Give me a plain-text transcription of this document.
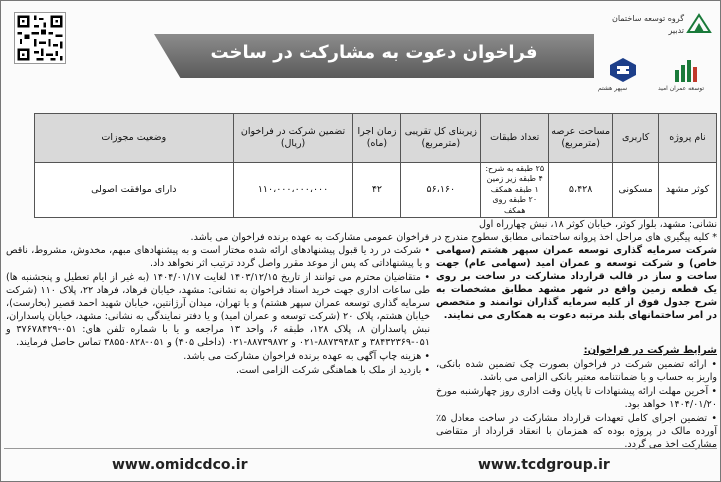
فراخوان دعوت به مشارکت در ساخت
گروه توسعه ساختمان
تدبیر
سپهر هشتم	توسعه عمران امید
نام پروژه	کاربری	مساحت عرصه (مترمربع)	تعداد طبقات	زیربنای کل تقریبی (مترمربع)	زمان اجرا (ماه)	تضمین شرکت در فراخوان (ریال)	وضعیت مجوزات
کوثر مشهد	مسکونی	۵،۴۲۸	۲۵ طبقه به شرح:
۴ طبقه زیر زمین
۱ طبقه همکف
۲۰ طبقه روی همکف	۵۶،۱۶۰	۴۲	۱۱۰،۰۰۰،۰۰۰،۰۰۰	دارای موافقت اصولی
نشانی: مشهد، بلوار کوثر، خیابان کوثر ۱۸، نبش چهارراه اول
* کلیه پیگیری های مراحل اخذ پروانه ساختمانی مطابق سطوح مندرج در فراخوان عمومی مشارکت به عهده برنده فراخوان می باشد.
شرکت سرمایه گذاری توسعه عمران سپهر هشتم (سهامی خاص) و شرکت توسعه و عمران امید (سهامی عام) جهت ساخت و ساز در قالب قرارداد مشارکت در ساخت بر روی یک قطعه زمین واقع در شهر مشهد مطابق مشخصات به شرح جدول فوق از کلیه سرمایه گذاران توانمند و متخصص در امر ساختمانهای بلند مرتبه دعوت به همکاری می نمایند.
شرایط شرکت در فراخوان:

• ارائه تضمین شرکت در فراخوان بصورت چک تضمین شده بانکی، واریز به حساب و یا ضمانتنامه معتبر بانکی الزامی می باشد.

• آخرین مهلت ارائه پیشنهادات تا پایان وقت اداری روز چهارشنبه مورخ ۱۴۰۴/۰۱/۲۰ خواهد بود.

• تضمین اجرای کامل تعهدات قرارداد مشارکت در ساخت معادل ۵٪ آورده مالک در پروژه بوده که همزمان با انعقاد قرارداد از متقاضی مشارکت اخذ می گردد.

• شرکت در رد یا قبول پیشنهادهای ارائه شده مختار است و به پیشنهادهای مبهم، مخدوش، مشروط، ناقص و یا پیشنهاداتی که پس از موعد مقرر واصل گردد ترتیب اثر نخواهد داد.

• متقاضیان محترم می توانند از تاریخ ۱۴۰۳/۱۲/۱۵ لغایت ۱۴۰۴/۰۱/۱۷ (به غیر از ایام تعطیل و پنجشنبه ها) طی ساعات اداری جهت خرید اسناد فراخوان به نشانی: مشهد، خیابان فرهاد، فرهاد ۲۲، پلاک ۱۱۰ (شرکت سرمایه گذاری توسعه عمران سپهر هشتم) و یا تهران، میدان آرژانتین، خیابان شهید احمد قصیر (بخارست)، خیابان هشتم، پلاک ۲۰ (شرکت توسعه و عمران امید) و یا دفتر نمایندگی به نشانی: مشهد، خیابان پاسداران، نبش پاسداران ۸، پلاک ۱۲۸، طبقه ۶، واحد ۱۳ مراجعه و یا با شماره تلفن های: ۰۵۱-۳۷۶۷۸۴۲۹ و ۰۵۱-۳۸۴۳۲۳۶۹ و ۸۸۷۳۹۴۸۳-۰۲۱ و ۸۸۷۳۹۸۷۲-۰۲۱ (داخلی ۴۰۵) و ۰۵۱-۳۸۵۵۰۸۲۸ تماس حاصل فرمایند.

• هزینه چاپ آگهی به عهده برنده فراخوان مشارکت می باشد.

• بازدید از ملک با هماهنگی شرکت الزامی است.

www.omidcdco.ir	www.tcdgroup.ir
